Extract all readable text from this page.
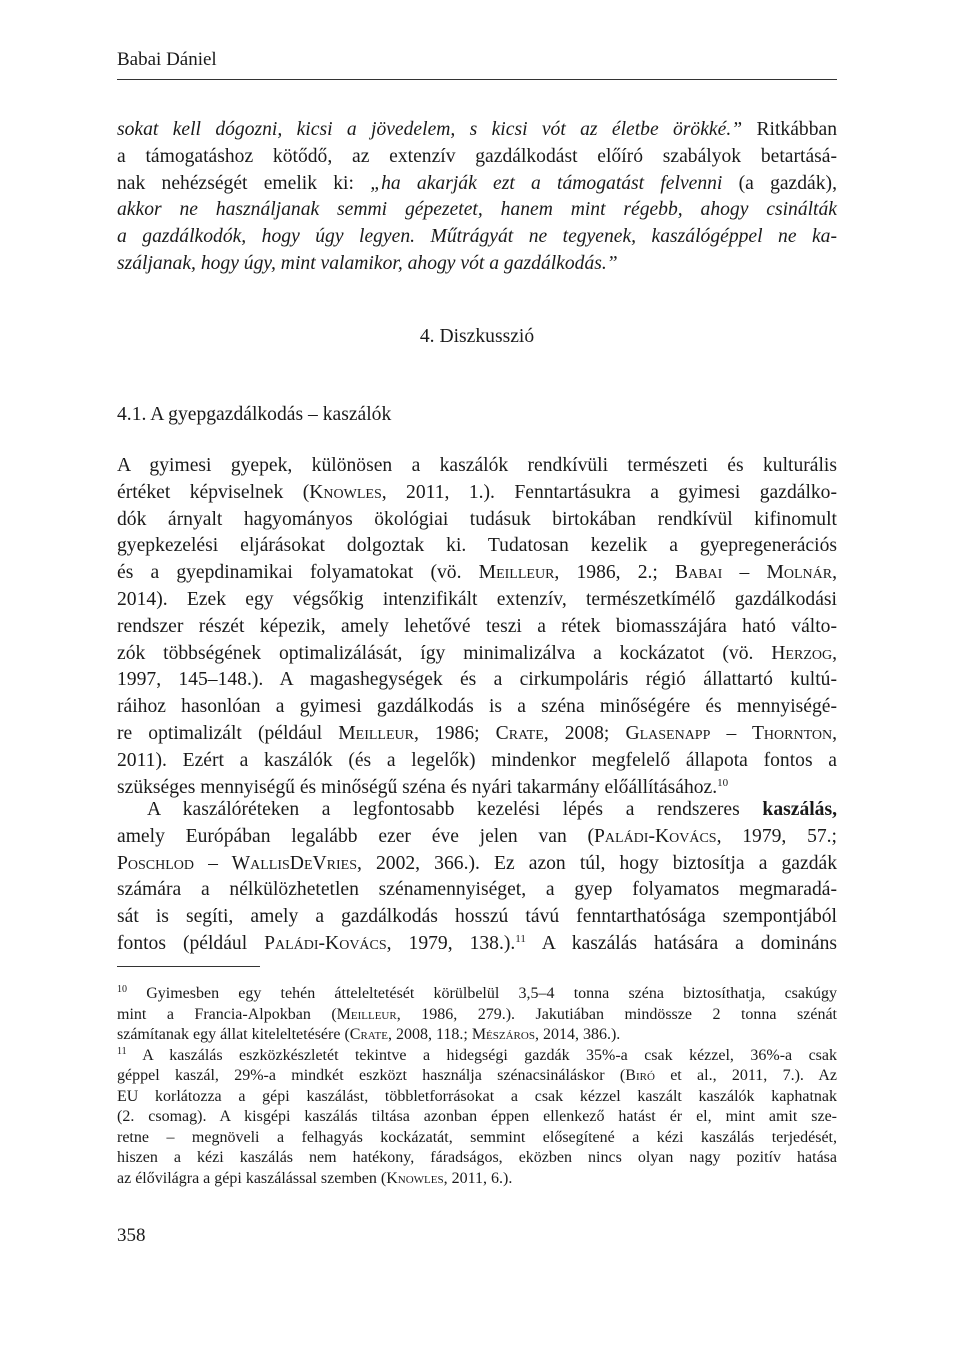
Babai Dániel
sokat kell dógozni, kicsi a jövedelem, s kicsi vót az életbe örökké.” Ritkábban
a támogatáshoz kötődő, az extenzív gazdálkodást előíró szabályok betartásá-
nak nehézségét emelik ki: „ha akarják ezt a támogatást felvenni (a gazdák),
akkor ne használjanak semmi gépezetet, hanem mint régebb, ahogy csinálták
a gazdálkodók, hogy úgy legyen. Műtrágyát ne tegyenek, kaszálógéppel ne ka-
száljanak, hogy úgy, mint valamikor, ahogy vót a gazdálkodás.”
4. Diszkusszió
4.1. A gyepgazdálkodás – kaszálók
A gyimesi gyepek, különösen a kaszálók rendkívüli természeti és kulturális
értéket képviselnek (Knowles, 2011, 1.). Fenntartásukra a gyimesi gazdálko-
dók árnyalt hagyományos ökológiai tudásuk birtokában rendkívül kifinomult
gyepkezelési eljárásokat dolgoztak ki. Tudatosan kezelik a gyepregenerációs
és a gyepdinamikai folyamatokat (vö. Meilleur, 1986, 2.; Babai – Molnár,
2014). Ezek egy végsőkig intenzifikált extenzív, természetkímélő gazdálkodási
rendszer részét képezik, amely lehetővé teszi a rétek biomasszájára ható válto-
zók többségének optimalizálását, így minimalizálva a kockázatot (vö. Herzog,
1997, 145–148.). A magashegységek és a cirkumpoláris régió állattartó kultú-
ráihoz hasonlóan a gyimesi gazdálkodás is a széna minőségére és mennyiségé-
re optimalizált (például Meilleur, 1986; Crate, 2008; Glasenapp – Thornton,
2011). Ezért a kaszálók (és a legelők) mindenkor megfelelő állapota fontos a
szükséges mennyiségű és minőségű széna és nyári takarmány előállításához.$^{10}$
A kaszálóréteken a legfontosabb kezelési lépés a rendszeres kaszálás,
amely Európában legalább ezer éve jelen van (Paládi-Kovács, 1979, 57.;
Poschlod – WallisDeVries, 2002, 366.). Ez azon túl, hogy biztosítja a gazdák
számára a nélkülözhetetlen szénamennyiséget, a gyep folyamatos megmaradá-
sát is segíti, amely a gazdálkodás hosszú távú fenntarthatósága szempontjából
fontos (például Paládi-Kovács, 1979, 138.).$^{11}$ A kaszálás hatására a domináns
$^{10}$ Gyimesben egy tehén átteleltetését körülbelül 3,5–4 tonna széna biztosíthatja, csakúgy
mint a Francia-Alpokban (Meilleur, 1986, 279.). Jakutiában mindössze 2 tonna szénát
számítanak egy állat kiteleltetésére (Crate, 2008, 118.; Mészáros, 2014, 386.).
$^{11}$ A kaszálás eszközkészletét tekintve a hidegségi gazdák 35%-a csak kézzel, 36%-a csak
géppel kaszál, 29%-a mindkét eszközt használja szénacsináláskor (Biró et al., 2011, 7.). Az
EU korlátozza a gépi kaszálást, többletforrásokat a csak kézzel kaszált kaszálók kaphatnak
(2. csomag). A kisgépi kaszálás tiltása azonban éppen ellenkező hatást ér el, mint amit sze-
retne – megnöveli a felhagyás kockázatát, semmint elősegítené a kézi kaszálás terjedését,
hiszen a kézi kaszálás nem hatékony, fáradságos, eközben nincs olyan nagy pozitív hatása
az élővilágra a gépi kaszálással szemben (Knowles, 2011, 6.).
358
